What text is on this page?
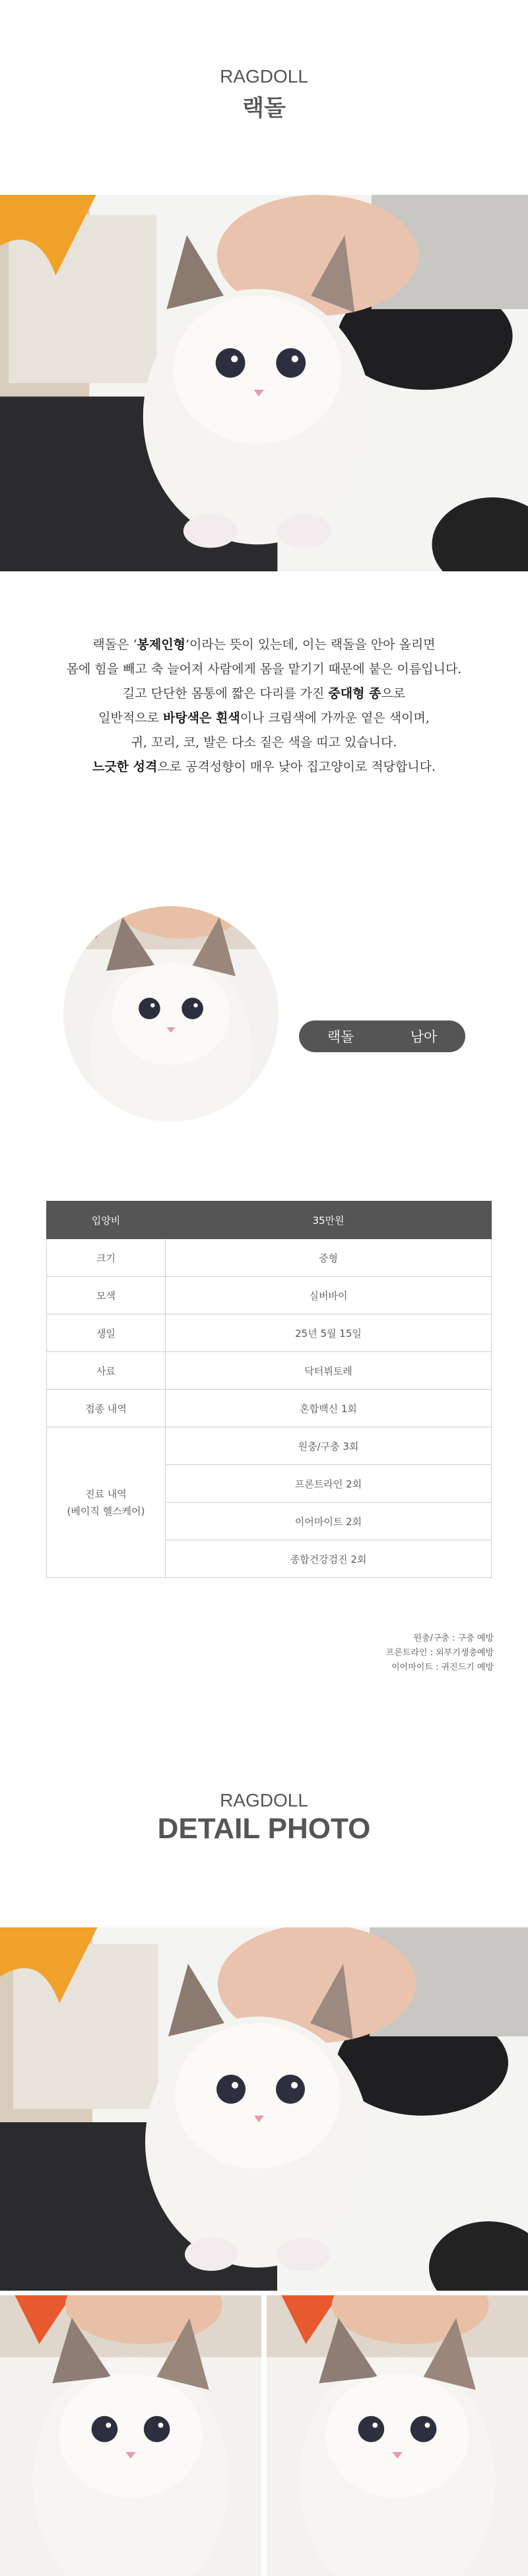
RAGDOLL
랙돌
랙돌은 ‘봉제인형’이라는 뜻이 있는데, 이는 랙돌을 안아 올리면
몸에 힘을 빼고 축 늘어져 사람에게 몸을 맡기기 때문에 붙은 이름입니다.
길고 단단한 몸통에 짧은 다리를 가진 중대형 종으로
일반적으로 바탕색은 흰색이나 크림색에 가까운 옅은 색이며,
귀, 꼬리, 코, 발은 다소 짙은 색을 띠고 있습니다.
느긋한 성격으로 공격성향이 매우 낮아 집고양이로 적당합니다.
랙돌	남아
입양비	35만원
크기	중형
모색	실버바이
생일	25년 5월 15일
사료	닥터뷔토레
접종 내역	혼합백신 1회

진료 내역
(베이직 헬스케어)	원충/구충 3회
	프론트라인 2회
	이어마이트 2회
	종합건강검진 2회
원충/구충 : 구충 예방
프론트라인 : 외부기생충예방
이어마이트 : 귀진드기 예방
RAGDOLL
DETAIL PHOTO
